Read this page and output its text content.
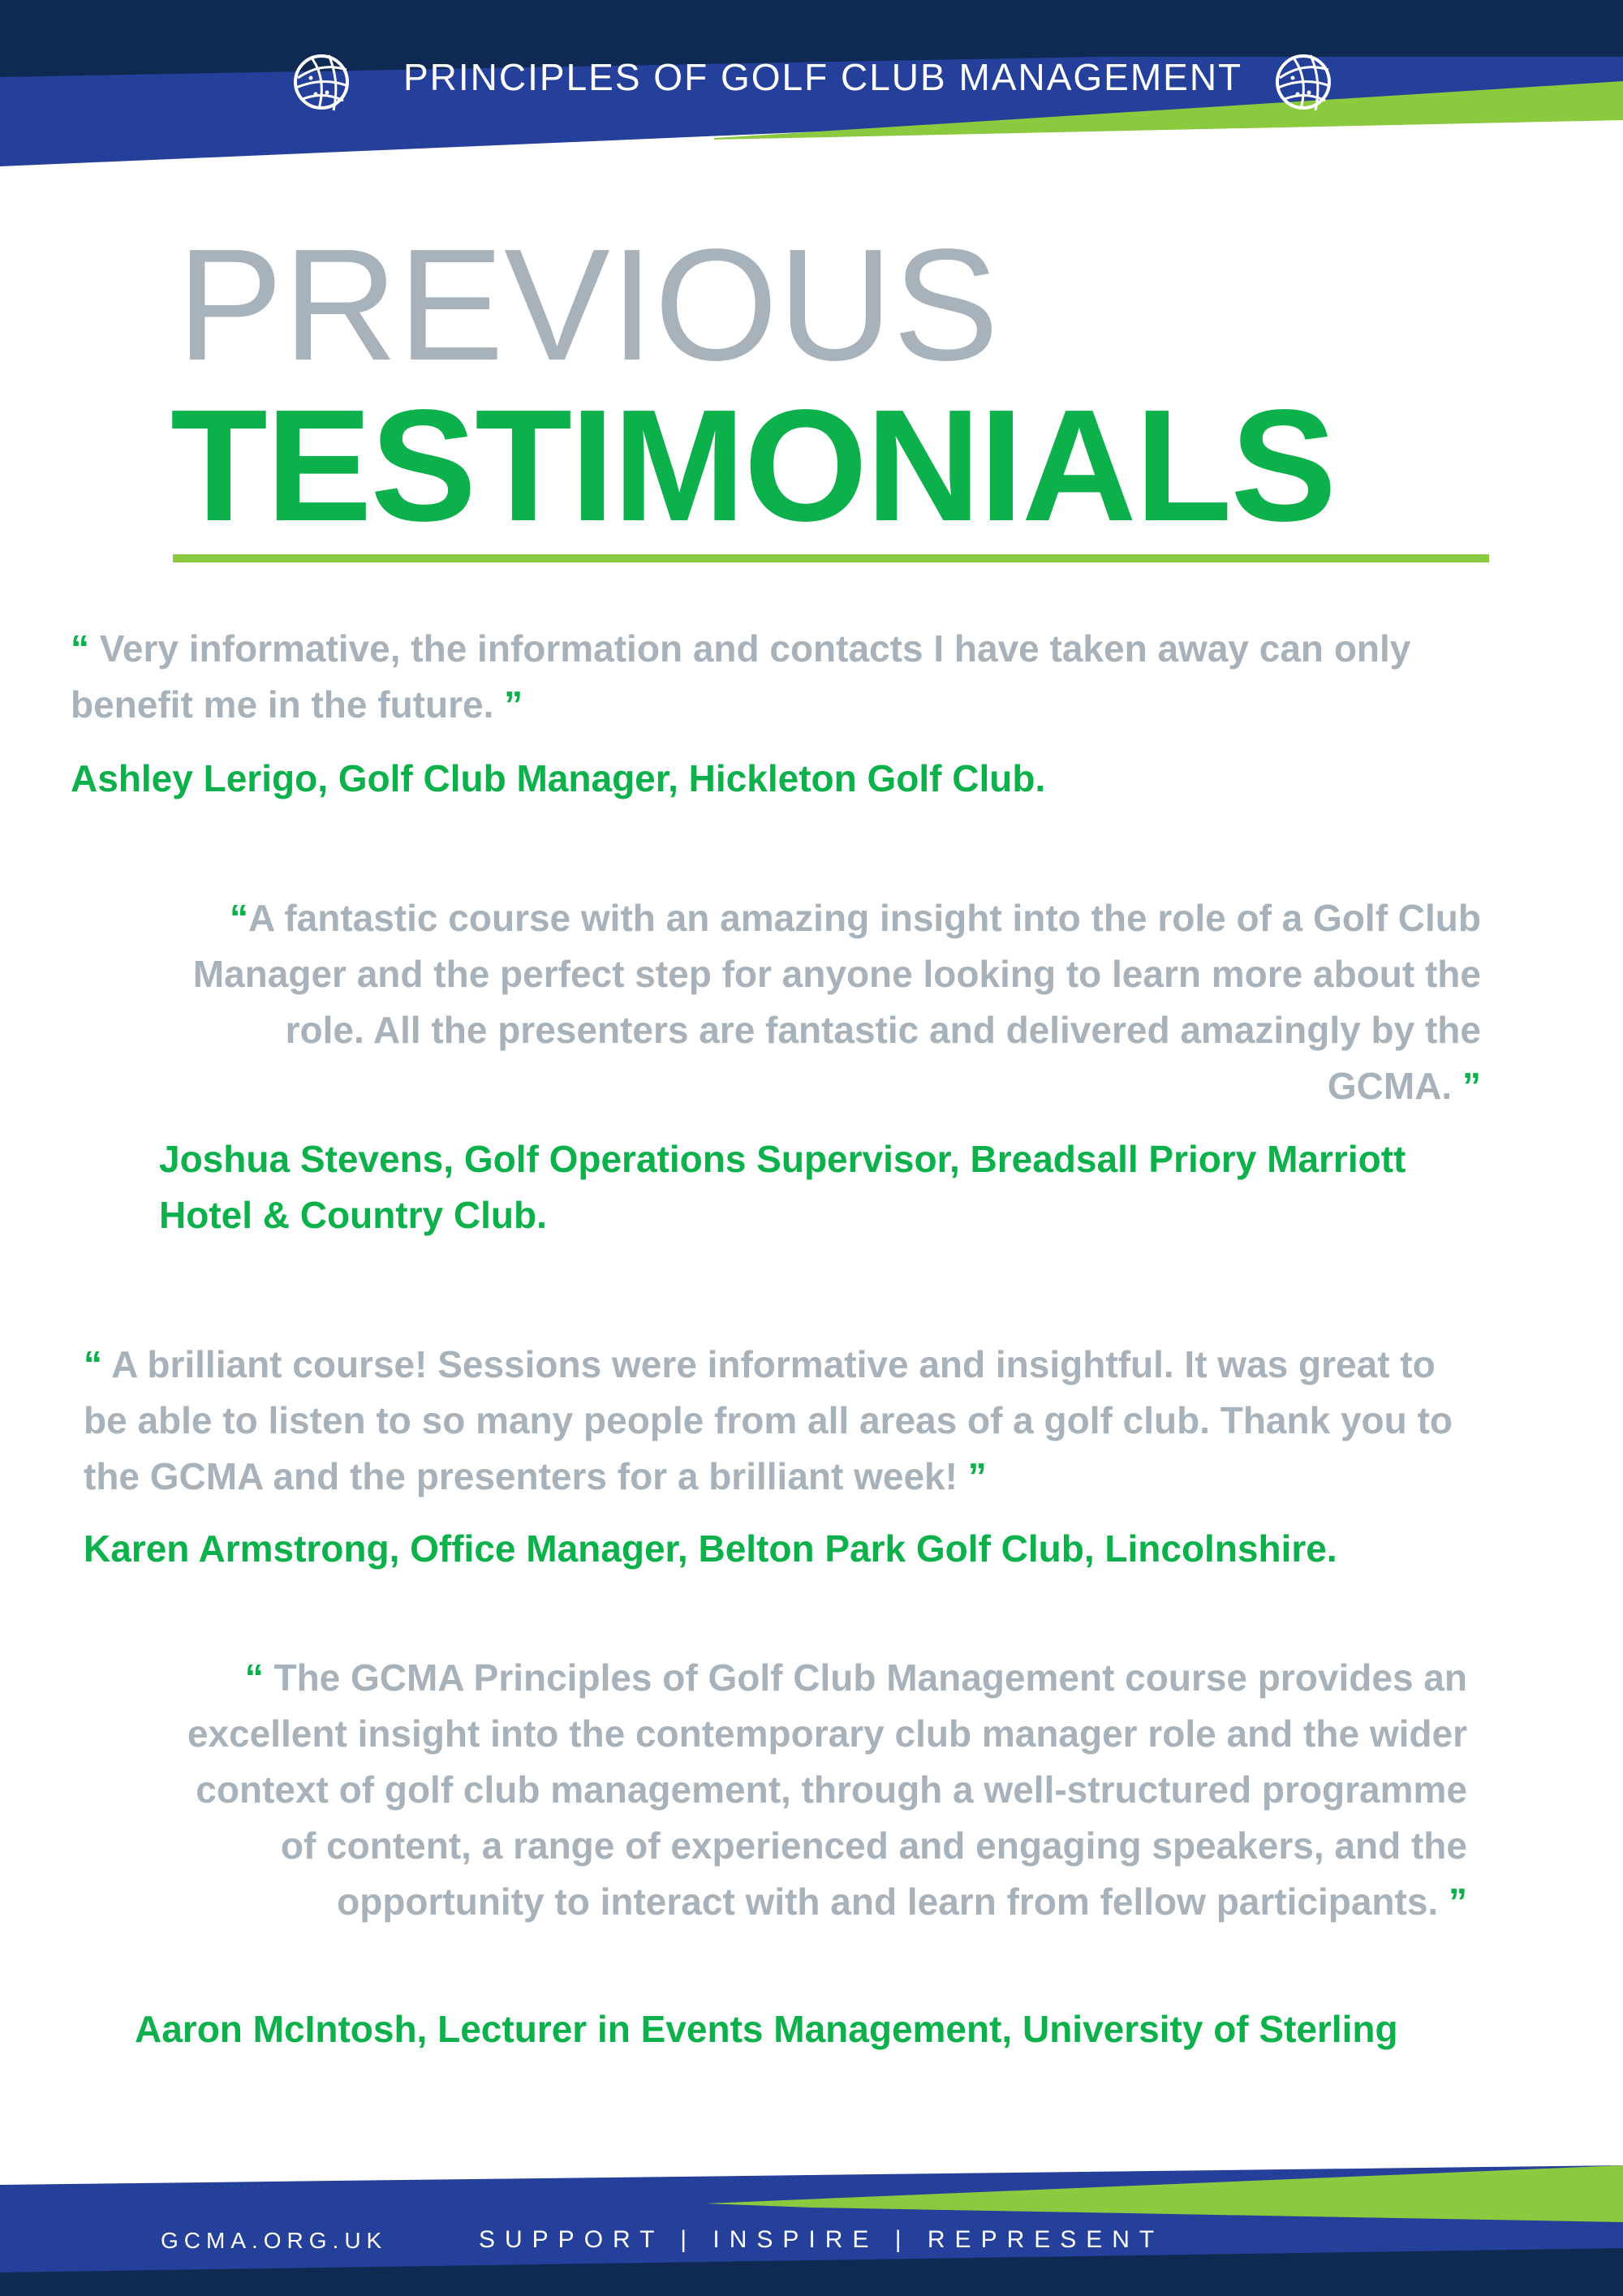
PRINCIPLES OF GOLF CLUB MANAGEMENT
PREVIOUS
TESTIMONIALS
“ Very informative, the information and contacts I have taken away can only benefit me in the future. ”
Ashley Lerigo, Golf Club Manager, Hickleton Golf Club.
“A fantastic course with an amazing insight into the role of a Golf Club Manager and the perfect step for anyone looking to learn more about the role. All the presenters are fantastic and delivered amazingly by the GCMA. ”
Joshua Stevens, Golf Operations Supervisor, Breadsall Priory Marriott Hotel & Country Club.
“ A brilliant course! Sessions were informative and insightful. It was great to be able to listen to so many people from all areas of a golf club. Thank you to the GCMA and the presenters for a brilliant week! ”
Karen Armstrong, Office Manager, Belton Park Golf Club, Lincolnshire.
“ The GCMA Principles of Golf Club Management course provides an excellent insight into the contemporary club manager role and the wider context of golf club management, through a well-structured programme of content, a range of experienced and engaging speakers, and the opportunity to interact with and learn from fellow participants. ”
Aaron McIntosh, Lecturer in Events Management, University of Sterling
GCMA.ORG.UK	SUPPORT | INSPIRE | REPRESENT
